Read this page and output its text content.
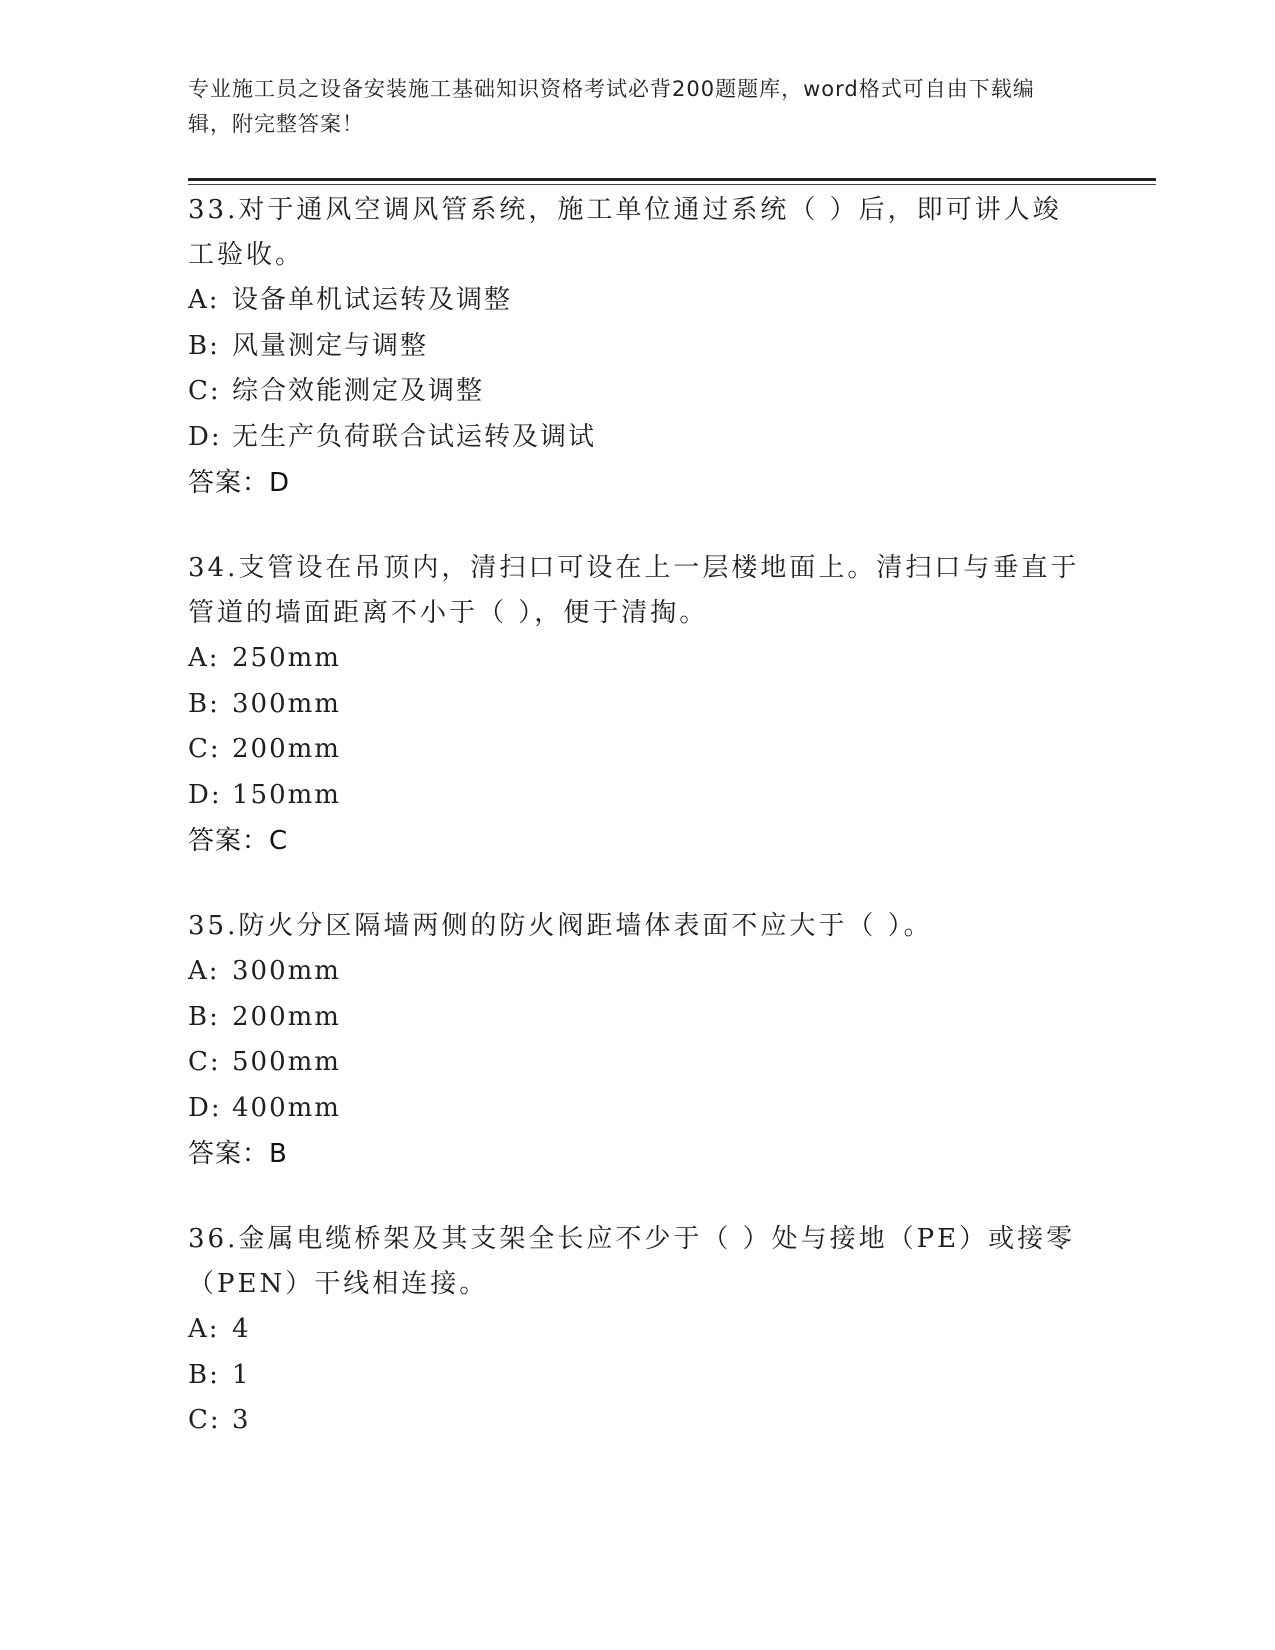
专业施工员之设备安装施工基础知识资格考试必背200题题库，word格式可自由下载编辑，附完整答案！

33.对于通风空调风管系统，施工单位通过系统（ ）后，即可讲人竣工验收。

A: 设备单机试运转及调整

B: 风量测定与调整

C: 综合效能测定及调整

D: 无生产负荷联合试运转及调试

答案：D

34.支管设在吊顶内，清扫口可设在上一层楼地面上。清扫口与垂直于管道的墙面距离不小于（ ），便于清掏。

A: 250mm

B: 300mm

C: 200mm

D: 150mm

答案：C

35.防火分区隔墙两侧的防火阀距墙体表面不应大于（ ）。

A: 300mm

B: 200mm

C: 500mm

D: 400mm

答案：B

36.金属电缆桥架及其支架全长应不少于（ ）处与接地（PE）或接零（PEN）干线相连接。

A: 4

B: 1

C: 3
